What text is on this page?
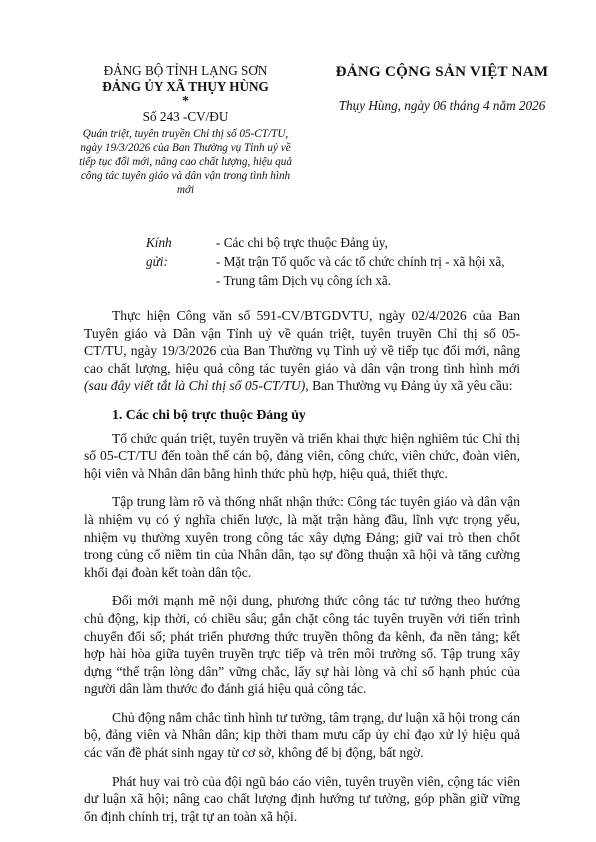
ĐẢNG BỘ TỈNH LẠNG SƠN
ĐẢNG ỦY XÃ THỤY HÙNG
*
Số 243 -CV/ĐU
Quán triệt, tuyên truyền Chỉ thị số 05-CT/TU, ngày 19/3/2026 của Ban Thường vụ Tỉnh uỷ về tiếp tục đổi mới, nâng cao chất lượng, hiệu quả công tác tuyên giáo và dân vận trong tình hình mới
ĐẢNG CỘNG SẢN VIỆT NAM
Thụy Hùng, ngày 06 tháng 4 năm 2026
Kính gửi:
- Các chi bộ trực thuộc Đảng ủy,
- Mặt trận Tổ quốc và các tổ chức chính trị - xã hội xã,
- Trung tâm Dịch vụ công ích xã.

Thực hiện Công văn số 591-CV/BTGDVTU, ngày 02/4/2026 của Ban Tuyên giáo và Dân vận Tỉnh uỷ về quán triệt, tuyên truyền Chỉ thị số 05-CT/TU, ngày 19/3/2026 của Ban Thường vụ Tỉnh uỷ về tiếp tục đổi mới, nâng cao chất lượng, hiệu quả công tác tuyên giáo và dân vận trong tình hình mới (sau đây viết tắt là Chỉ thị số 05-CT/TU), Ban Thường vụ Đảng ủy xã yêu cầu:

1. Các chi bộ trực thuộc Đảng ủy

Tổ chức quán triệt, tuyên truyền và triển khai thực hiện nghiêm túc Chỉ thị số 05-CT/TU đến toàn thể cán bộ, đảng viên, công chức, viên chức, đoàn viên, hội viên và Nhân dân bằng hình thức phù hợp, hiệu quả, thiết thực.

Tập trung làm rõ và thống nhất nhận thức: Công tác tuyên giáo và dân vận là nhiệm vụ có ý nghĩa chiến lược, là mặt trận hàng đầu, lĩnh vực trọng yếu, nhiệm vụ thường xuyên trong công tác xây dựng Đảng; giữ vai trò then chốt trong củng cố niềm tin của Nhân dân, tạo sự đồng thuận xã hội và tăng cường khối đại đoàn kết toàn dân tộc.

Đổi mới mạnh mẽ nội dung, phương thức công tác tư tưởng theo hướng chủ động, kịp thời, có chiều sâu; gắn chặt công tác tuyên truyền với tiến trình chuyển đổi số; phát triển phương thức truyền thông đa kênh, đa nền tảng; kết hợp hài hòa giữa tuyên truyền trực tiếp và trên môi trường số. Tập trung xây dựng “thế trận lòng dân” vững chắc, lấy sự hài lòng và chỉ số hạnh phúc của người dân làm thước đo đánh giá hiệu quả công tác.

Chủ động nắm chắc tình hình tư tưởng, tâm trạng, dư luận xã hội trong cán bộ, đảng viên và Nhân dân; kịp thời tham mưu cấp ủy chỉ đạo xử lý hiệu quả các vấn đề phát sinh ngay từ cơ sở, không để bị động, bất ngờ.

Phát huy vai trò của đội ngũ báo cáo viên, tuyên truyền viên, cộng tác viên dư luận xã hội; nâng cao chất lượng định hướng tư tưởng, góp phần giữ vững ổn định chính trị, trật tự an toàn xã hội.
